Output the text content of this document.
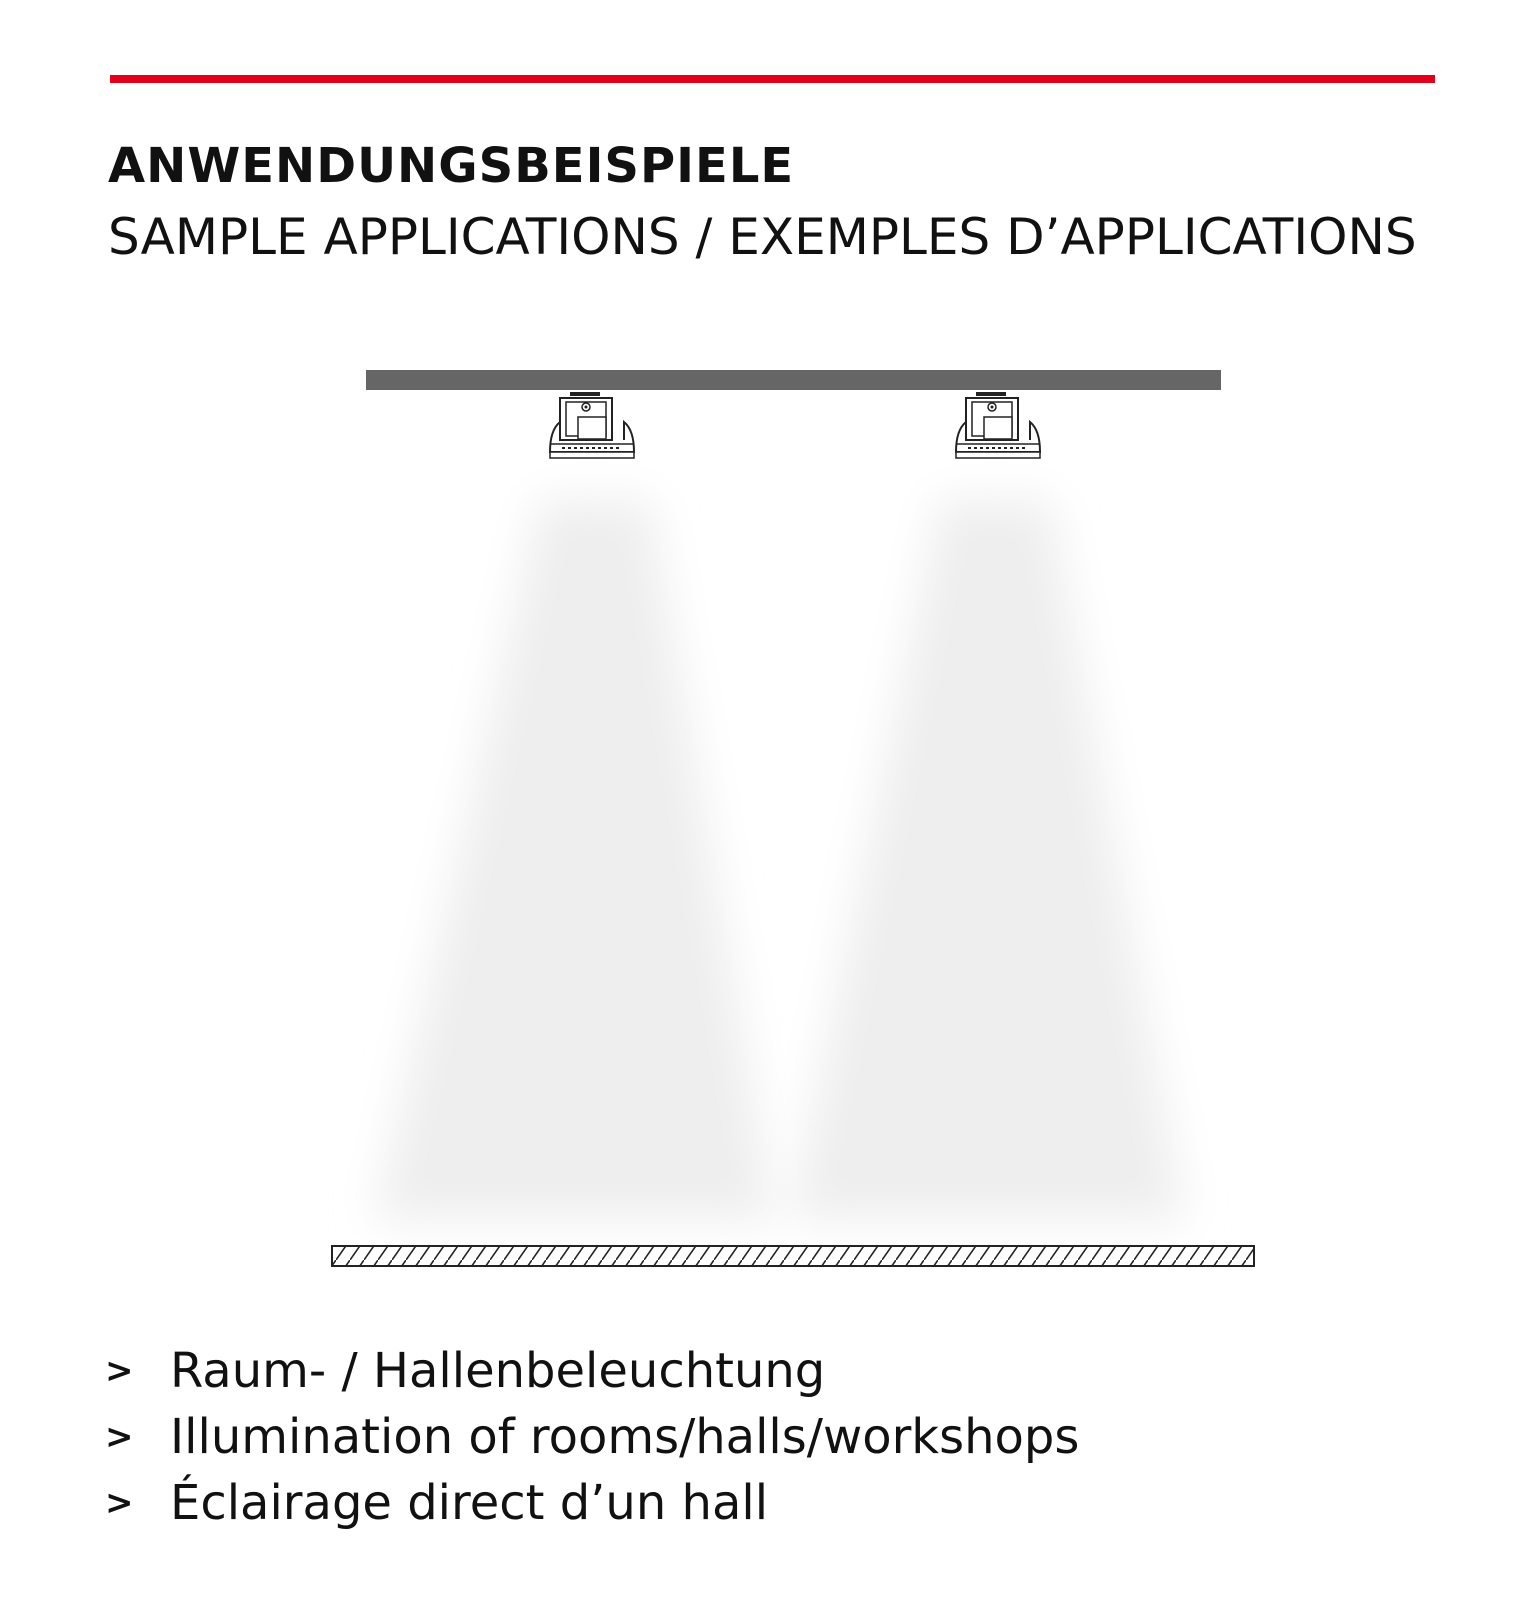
ANWENDUNGSBEISPIELE
SAMPLE APPLICATIONS / EXEMPLES D’APPLICATIONS
> Raum- / Hallenbeleuchtung
> Illumination of rooms/halls/workshops
> Éclairage direct d’un hall
